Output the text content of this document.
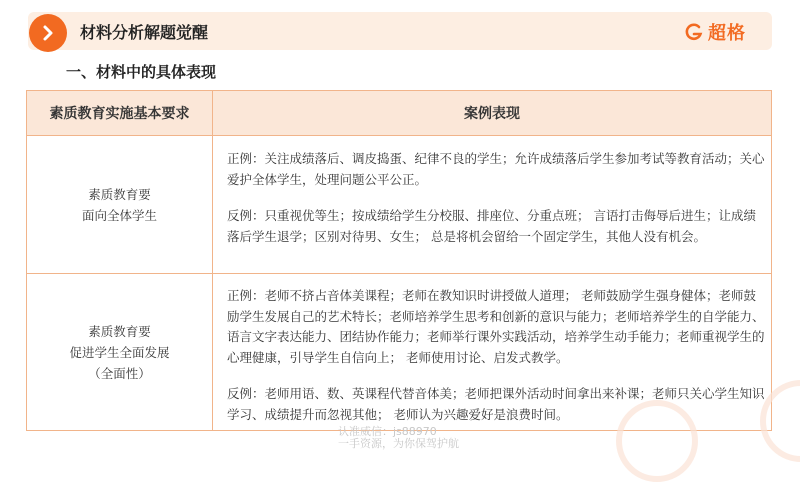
材料分析解题觉醒	超格
一、材料中的具体表现
素质教育实施基本要求	案例表现
素质教育要
面向全体学生

正例：关注成绩落后、调皮捣蛋、纪律不良的学生；允许成绩落后学生参加考试等教育活动；关心爱护全体学生，处理问题公平公正。

反例：只重视优等生；按成绩给学生分校服、排座位、分重点班； 言语打击侮辱后进生；让成绩落后学生退学；区别对待男、女生； 总是将机会留给一个固定学生，其他人没有机会。

素质教育要
促进学生全面发展
（全面性）

正例：老师不挤占音体美课程；老师在教知识时讲授做人道理； 老师鼓励学生强身健体；老师鼓励学生发展自己的艺术特长；老师培养学生思考和创新的意识与能力；老师培养学生的自学能力、语言文字表达能力、团结协作能力；老师举行课外实践活动，培养学生动手能力；老师重视学生的心理健康，引导学生自信向上； 老师使用讨论、启发式教学。

反例：老师用语、数、英课程代替音体美；老师把课外活动时间拿出来补课；老师只关心学生知识学习、成绩提升而忽视其他； 老师认为兴趣爱好是浪费时间。

认准威信：js88970
一手资源，为你保驾护航
